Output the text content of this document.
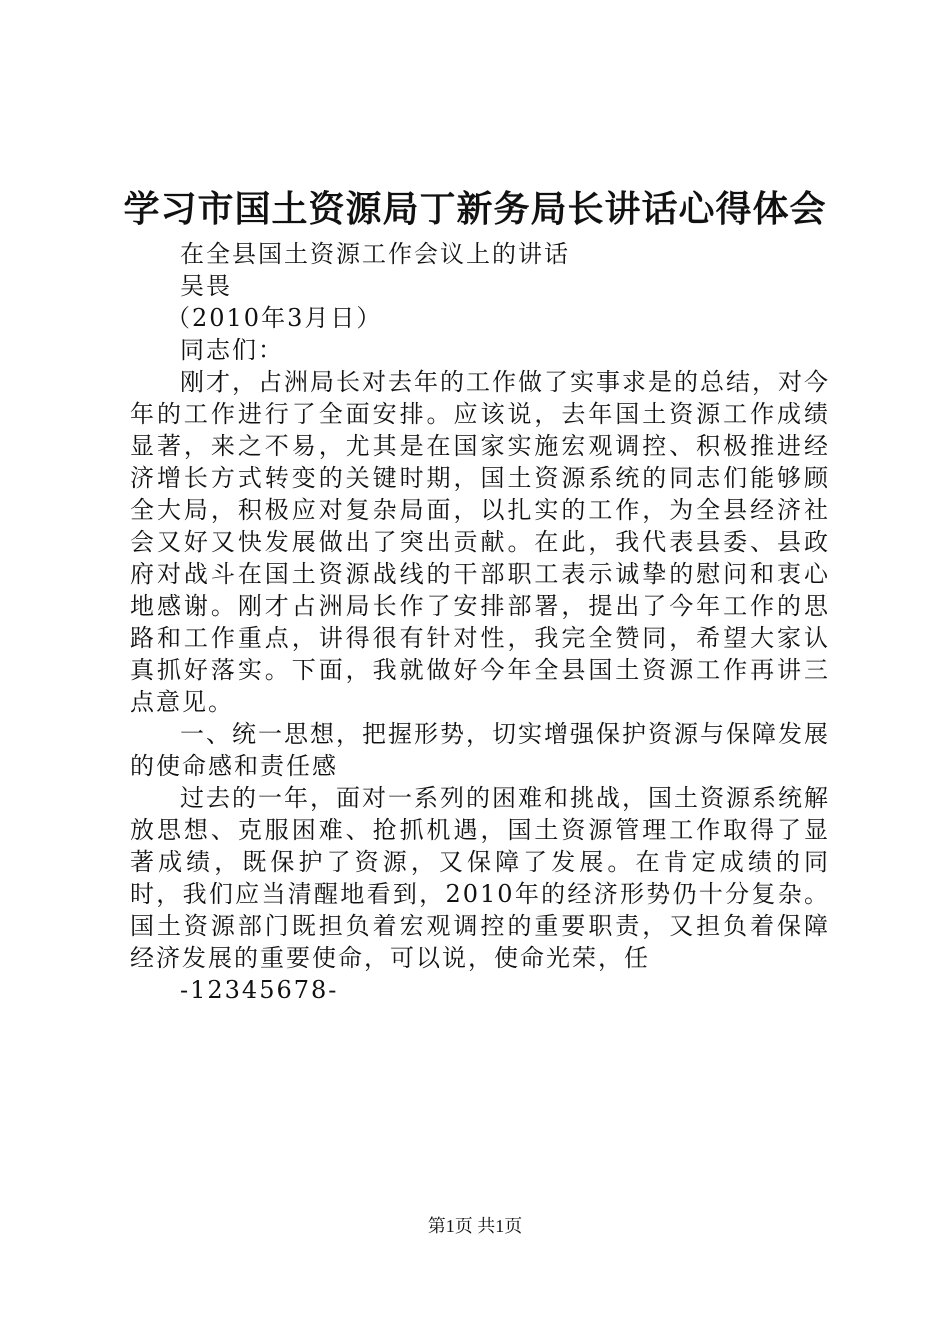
学习市国土资源局丁新务局长讲话心得体会

在全县国土资源工作会议上的讲话

吴畏

（2010年3月日）

同志们：

刚才，占洲局长对去年的工作做了实事求是的总结，对今年的工作进行了全面安排。应该说，去年国土资源工作成绩显著，来之不易，尤其是在国家实施宏观调控、积极推进经济增长方式转变的关键时期，国土资源系统的同志们能够顾全大局，积极应对复杂局面，以扎实的工作，为全县经济社会又好又快发展做出了突出贡献。在此，我代表县委、县政府对战斗在国土资源战线的干部职工表示诚挚的慰问和衷心地感谢。刚才占洲局长作了安排部署，提出了今年工作的思路和工作重点，讲得很有针对性，我完全赞同，希望大家认真抓好落实。下面，我就做好今年全县国土资源工作再讲三点意见。

一、统一思想，把握形势，切实增强保护资源与保障发展的使命感和责任感

过去的一年，面对一系列的困难和挑战，国土资源系统解放思想、克服困难、抢抓机遇，国土资源管理工作取得了显著成绩，既保护了资源，又保障了发展。在肯定成绩的同时，我们应当清醒地看到，2010年的经济形势仍十分复杂。国土资源部门既担负着宏观调控的重要职责，又担负着保障经济发展的重要使命，可以说，使命光荣，任

-12345678-

第1页 共1页
